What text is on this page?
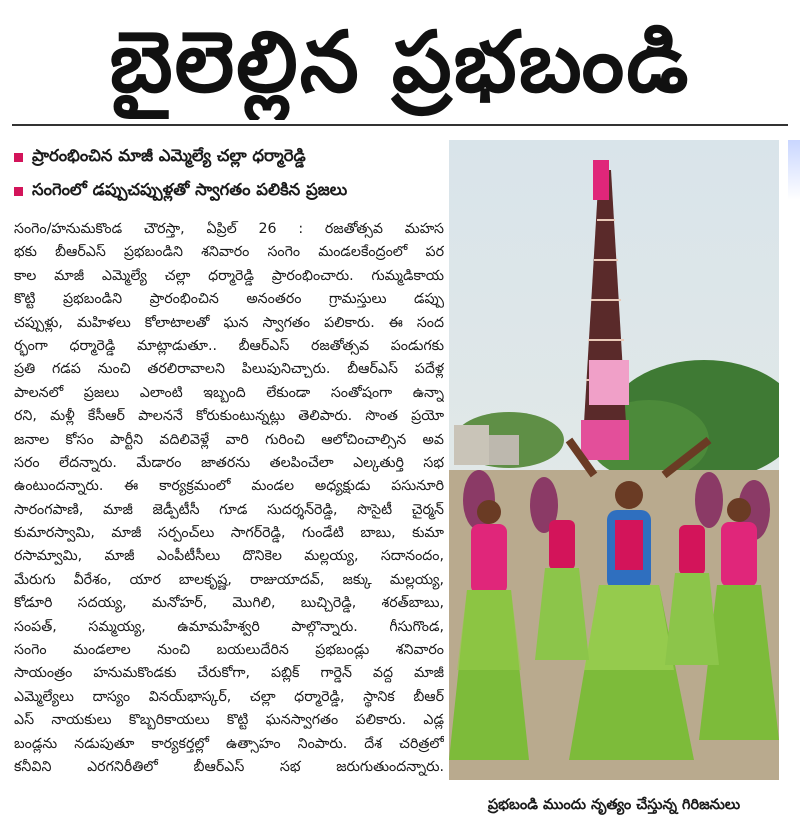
బైలెల్లిన ప్రభబండి
ప్రారంభించిన మాజీ ఎమ్మెల్యే చల్లా ధర్మారెడ్డి
సంగెంలో డప్పుచప్పుళ్లతో స్వాగతం పలికిన ప్రజలు
సంగెం/హనుమకొండ చౌరస్తా, ఏప్రిల్ 26 : రజతోత్సవ మహస
భకు బీఆర్ఎస్ ప్రభబండిని శనివారం సంగెం మండలకేంద్రంలో పర
కాల మాజీ ఎమ్మెల్యే చల్లా ధర్మారెడ్డి ప్రారంభించారు. గుమ్మడికాయ
కొట్టి ప్రభబండిని ప్రారంభించిన అనంతరం గ్రామస్తులు డప్పు
చప్పుళ్లు, మహిళలు కోలాటాలతో ఘన స్వాగతం పలికారు. ఈ సంద
ర్భంగా ధర్మారెడ్డి మాట్లాడుతూ.. బీఆర్ఎస్ రజతోత్సవ పండుగకు
ప్రతి గడప నుంచి తరలిరావాలని పిలుపునిచ్చారు. బీఆర్ఎస్ పదేళ్ల
పాలనలో ప్రజలు ఎలాంటి ఇబ్బంది లేకుండా సంతోషంగా ఉన్నా
రని, మళ్లీ కేసీఆర్ పాలననే కోరుకుంటున్నట్లు తెలిపారు. సొంత ప్రయో
జనాల కోసం పార్టీని వదిలివెళ్లే వారి గురించి ఆలోచించాల్సిన అవ
సరం లేదన్నారు. మేడారం జాతరను తలపించేలా ఎల్కతుర్తి సభ
ఉంటుందన్నారు. ఈ కార్యక్రమంలో మండల అధ్యక్షుడు పసునూరి
సారంగపాణి, మాజీ జెడ్పీటీసీ గూడ సుదర్శన్‌రెడ్డి, సొసైటీ చైర్మన్
కుమారస్వామి, మాజీ సర్పంచ్‌లు సాగర్‌రెడ్డి, గుండేటి బాబు, కుమా
రసామ్వామి, మాజీ ఎంపీటీసీలు దొనికెల మల్లయ్య, సదానందం,
మేరుగు వీరేశం, యార బాలకృష్ణ, రాజుయాదవ్, జక్కు మల్లయ్య,
కోడూరి సదయ్య, మనోహర్, మొగిలి, బుచ్చిరెడ్డి, శరత్‌బాబు,
సంపత్, సమ్మయ్య, ఉమామహేశ్వరి పాల్గొన్నారు. గీసుగొండ,
సంగెం మండలాల నుంచి బయలుదేరిన ప్రభబండ్లు శనివారం
సాయంత్రం హనుమకొండకు చేరుకోగా, పబ్లిక్ గార్డెన్ వద్ద మాజీ
ఎమ్మెల్యేలు దాస్యం వినయ్‌భాస్కర్, చల్లా ధర్మారెడ్డి, స్థానిక బీఆర్
ఎస్ నాయకులు కొబ్బరికాయలు కొట్టి ఘనస్వాగతం పలికారు. ఎడ్ల
బండ్లను నడుపుతూ కార్యకర్తల్లో ఉత్సాహం నింపారు. దేశ చరిత్రలో
కనీవిని ఎరగనిరీతిలో బీఆర్ఎస్ సభ జరుగుతుందన్నారు.
ప్రభబండి ముందు నృత్యం చేస్తున్న గిరిజనులు
